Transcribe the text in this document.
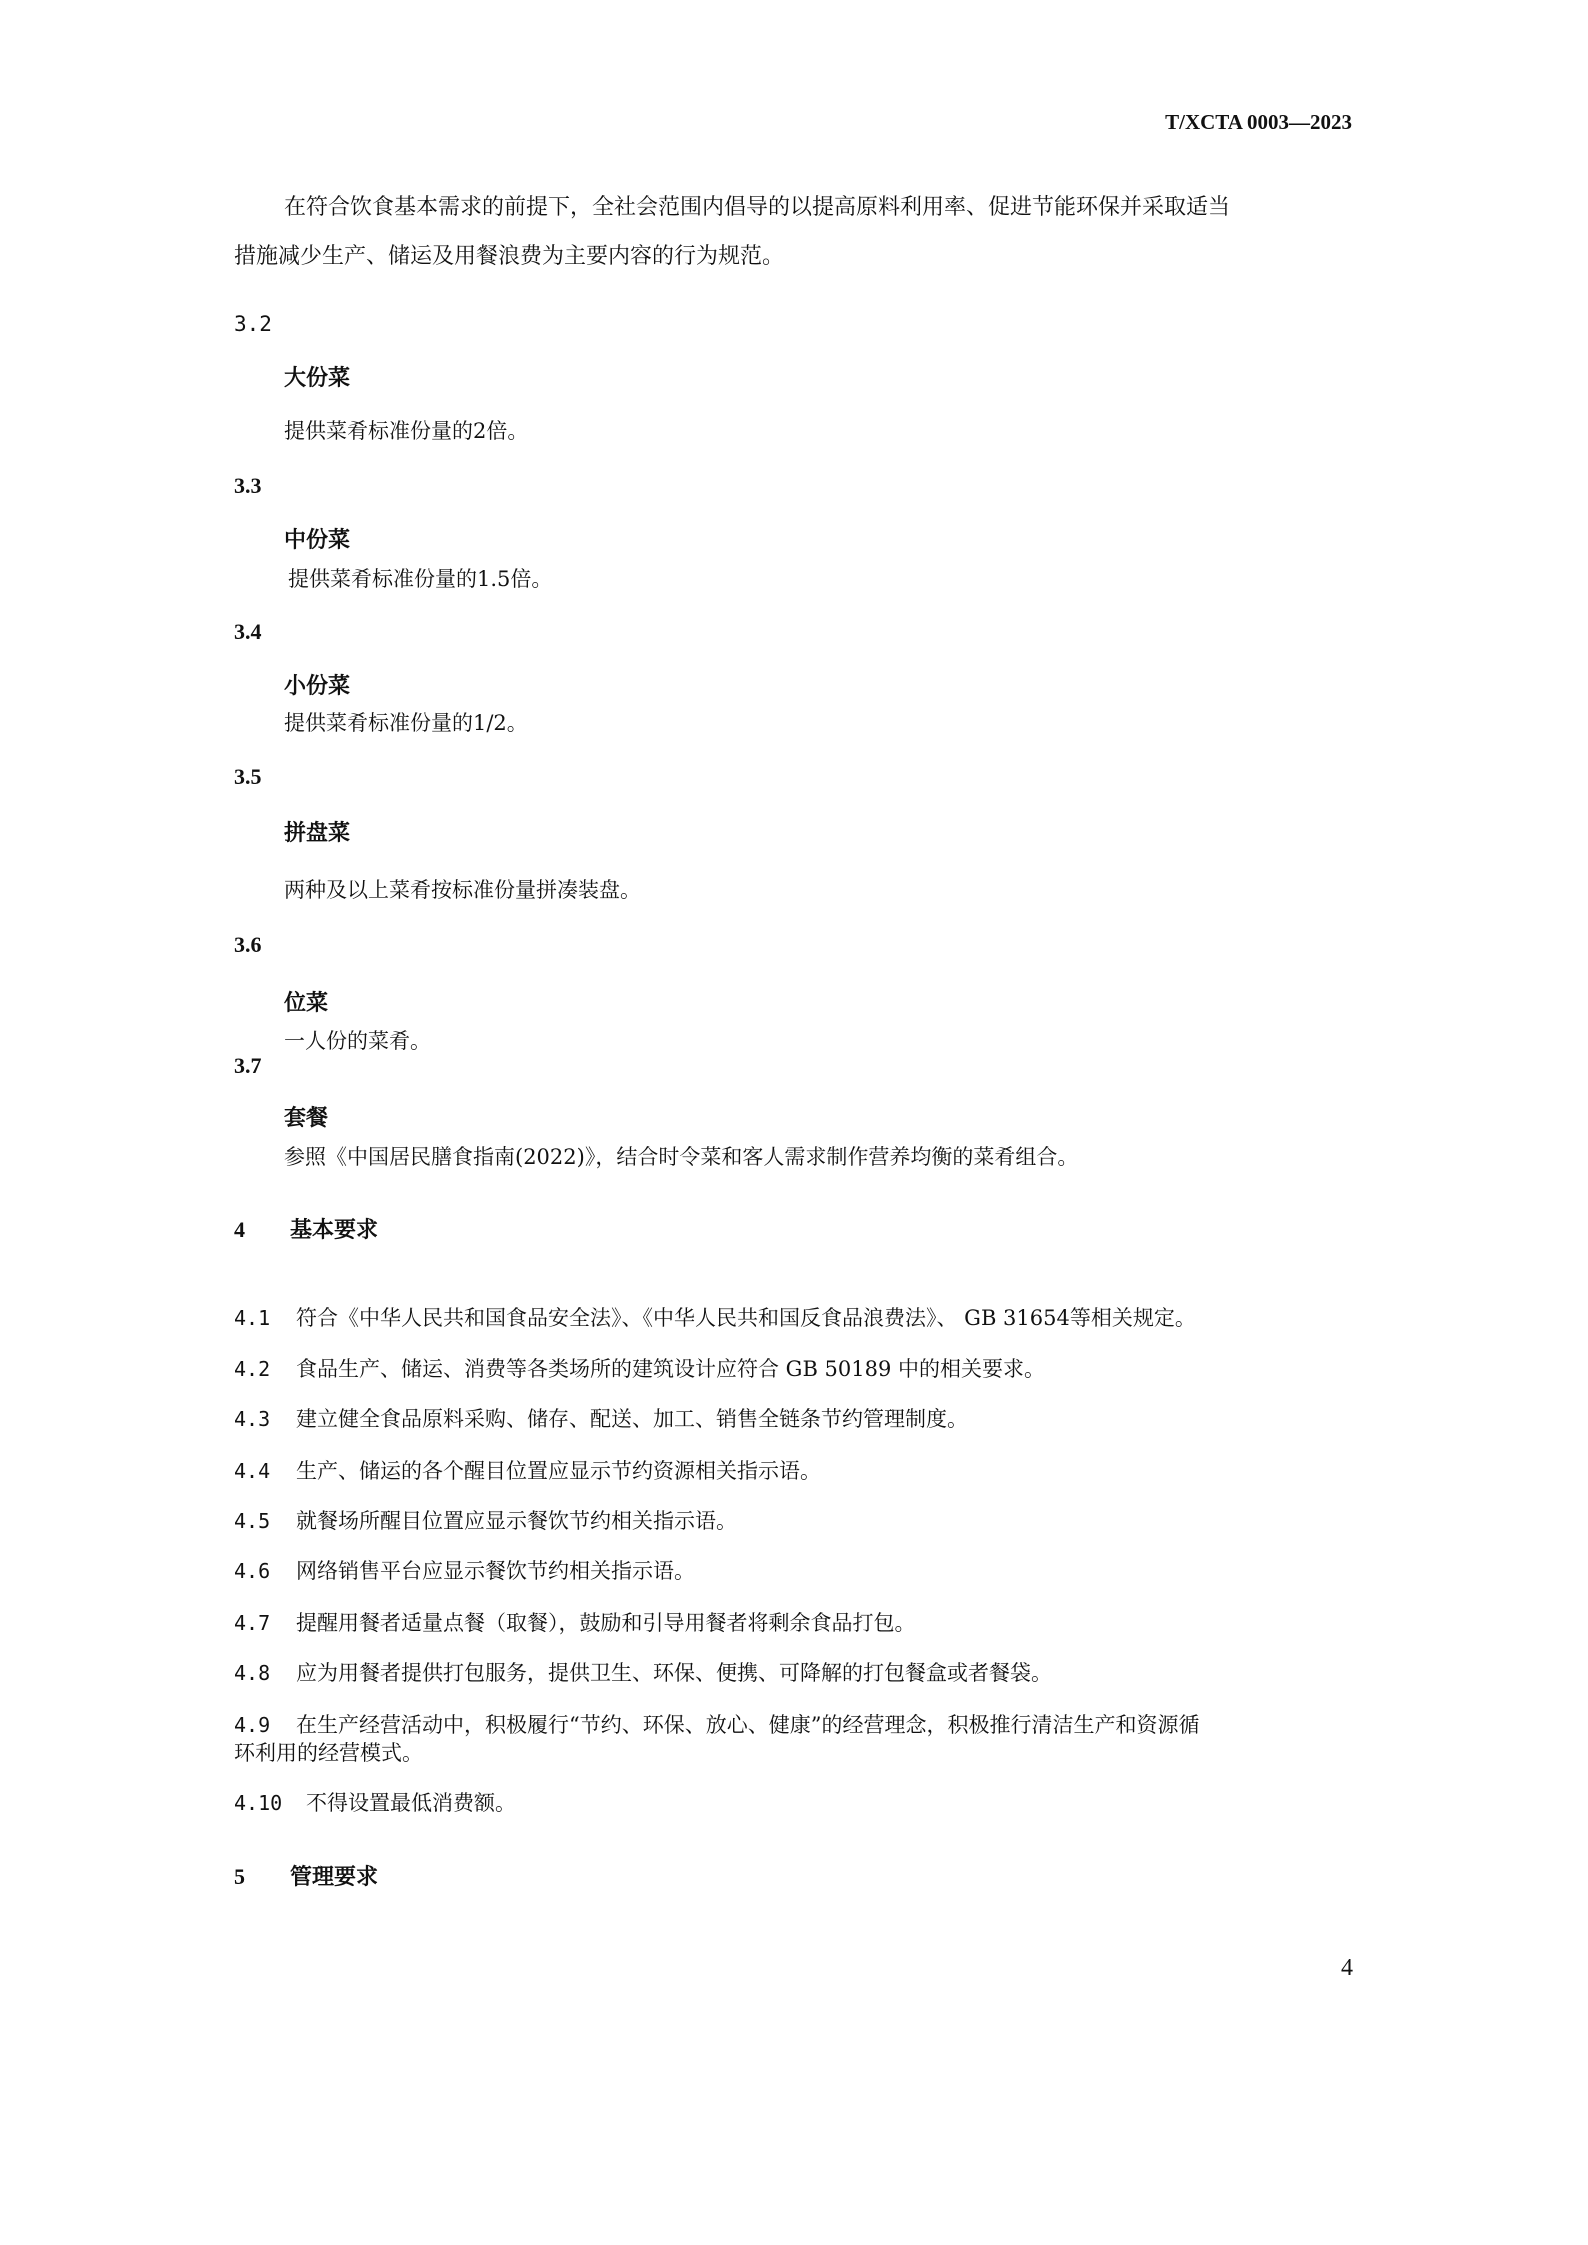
T/XCTA 0003—2023
在符合饮食基本需求的前提下，全社会范围内倡导的以提高原料利用率、促进节能环保并采取适当
措施减少生产、储运及用餐浪费为主要内容的行为规范。
3.2
大份菜
提供菜肴标准份量的2倍。
3.3
中份菜
提供菜肴标准份量的1.5倍。
3.4
小份菜
提供菜肴标准份量的1/2。
3.5
拼盘菜
两种及以上菜肴按标准份量拼凑装盘。
3.6
位菜
一人份的菜肴。
3.7
套餐
参照《中国居民膳食指南(2022)》，结合时令菜和客人需求制作营养均衡的菜肴组合。
4 基本要求
4.1 符合《中华人民共和国食品安全法》、《中华人民共和国反食品浪费法》、 GB 31654等相关规定。
4.2 食品生产、储运、消费等各类场所的建筑设计应符合 GB 50189 中的相关要求。
4.3 建立健全食品原料采购、储存、配送、加工、销售全链条节约管理制度。
4.4 生产、储运的各个醒目位置应显示节约资源相关指示语。
4.5 就餐场所醒目位置应显示餐饮节约相关指示语。
4.6 网络销售平台应显示餐饮节约相关指示语。
4.7 提醒用餐者适量点餐（取餐），鼓励和引导用餐者将剩余食品打包。
4.8 应为用餐者提供打包服务，提供卫生、环保、便携、可降解的打包餐盒或者餐袋。
4.9 在生产经营活动中，积极履行“节约、环保、放心、健康”的经营理念，积极推行清洁生产和资源循
环利用的经营模式。
4.10 不得设置最低消费额。
5 管理要求
4
